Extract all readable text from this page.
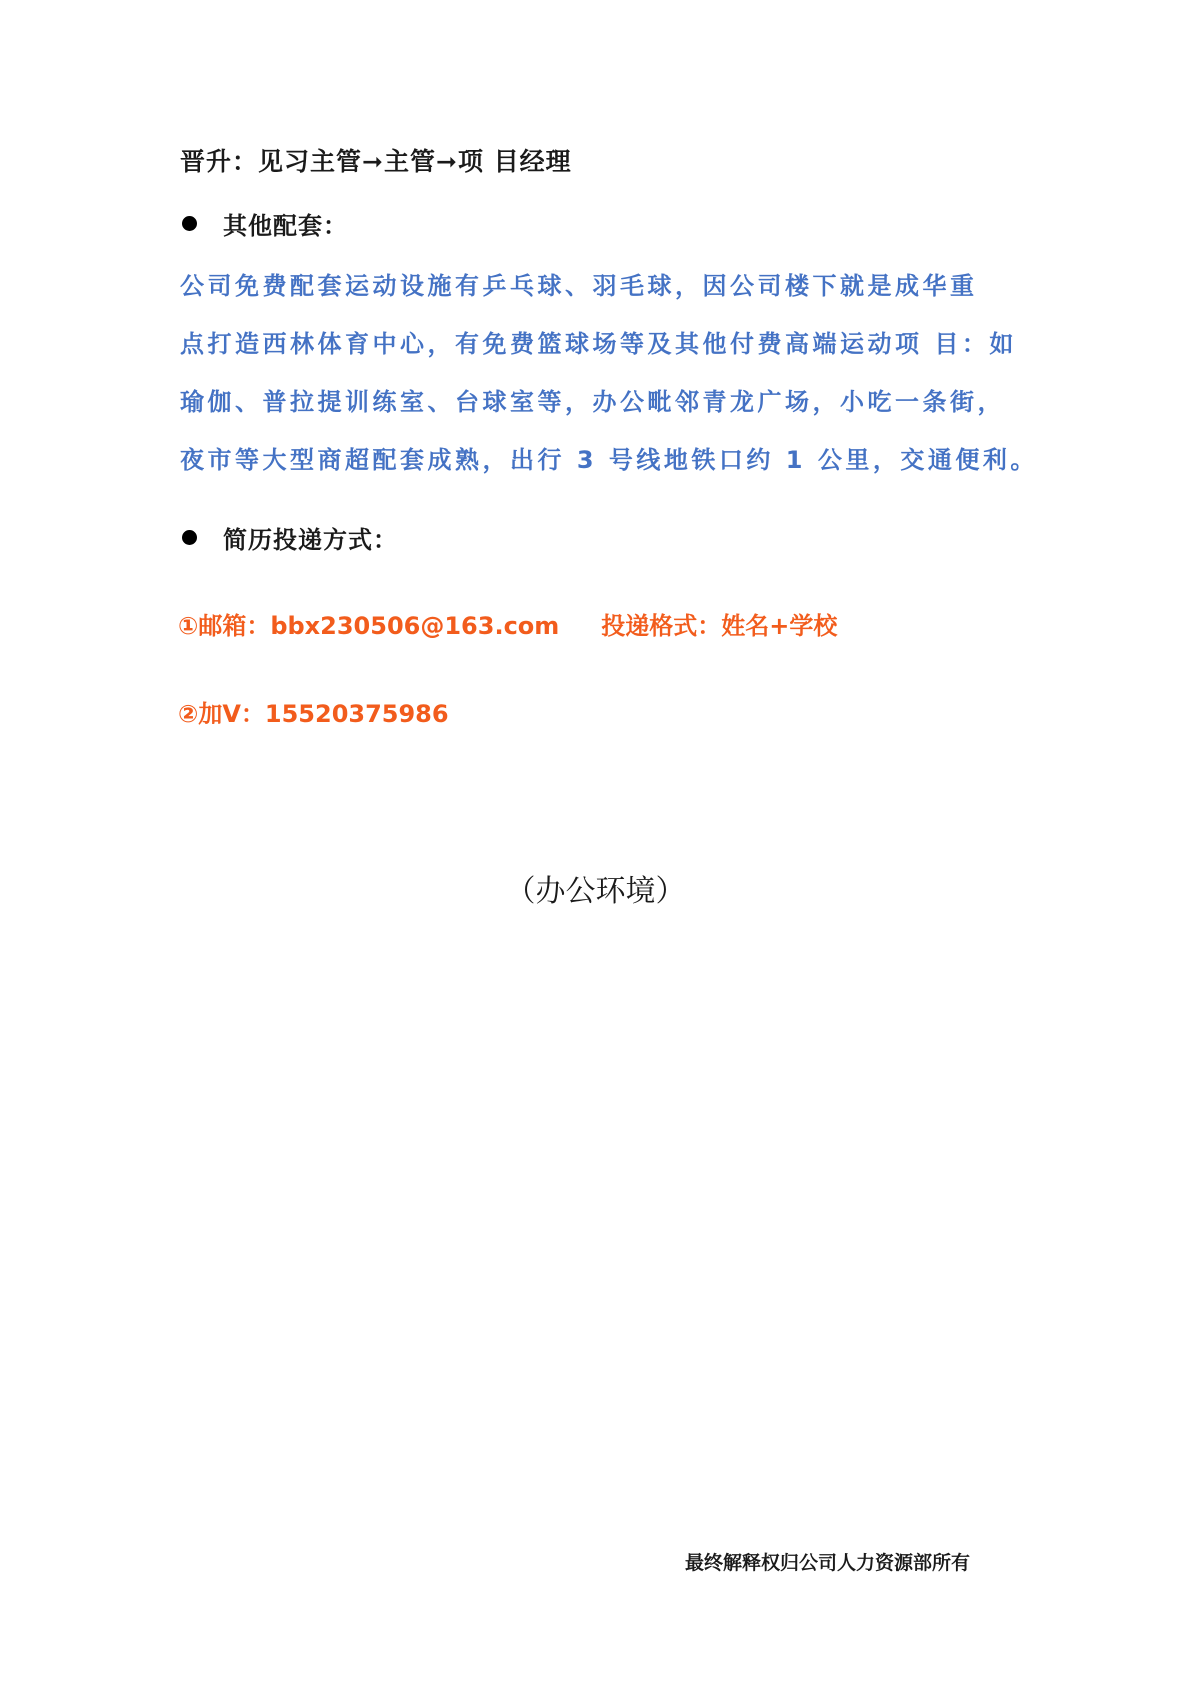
晋升：见习主管➞主管➞项 目经理
其他配套：
公司免费配套运动设施有乒乓球、羽毛球，因公司楼下就是成华重
点打造西林体育中心，有免费篮球场等及其他付费高端运动项 目：如
瑜伽、普拉提训练室、台球室等，办公毗邻青龙广场，小吃一条街，
夜市等大型商超配套成熟，出行 3 号线地铁口约 1 公里，交通便利。
简历投递方式：
①邮箱：bbx230506@163.com 投递格式：姓名+学校
②加V：15520375986
（办公环境）
最终解释权归公司人力资源部所有
